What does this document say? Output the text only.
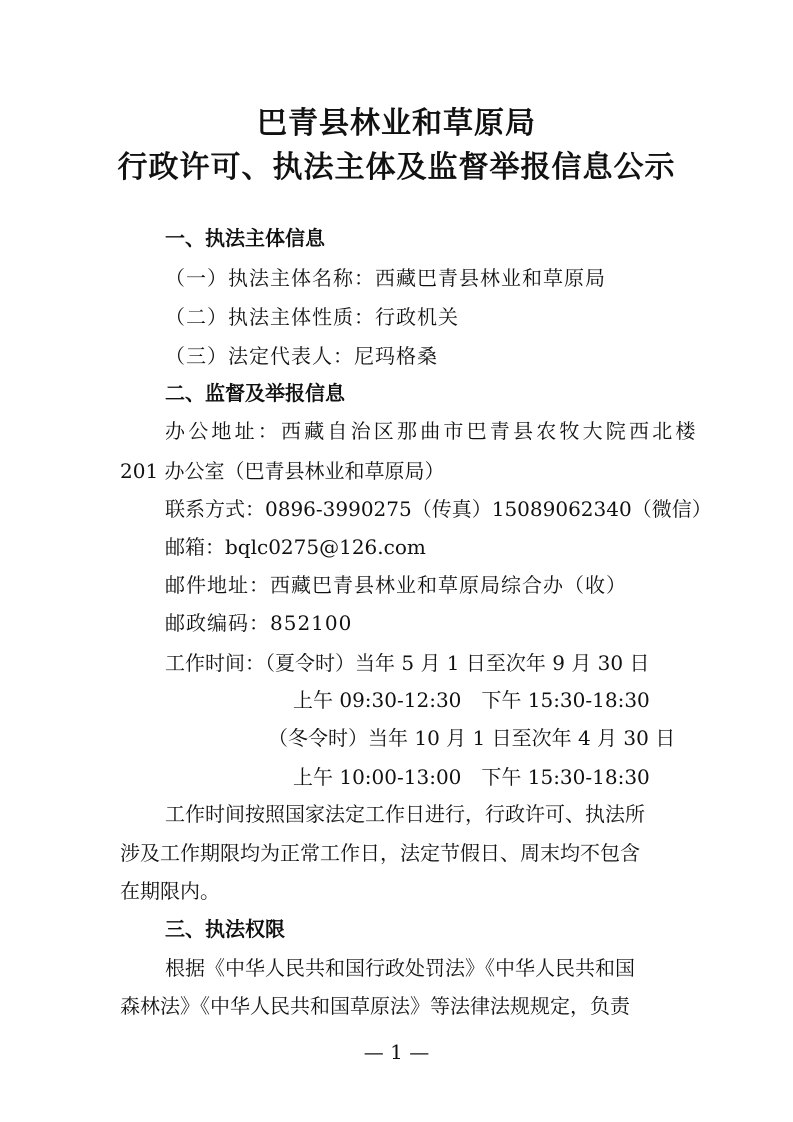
巴青县林业和草原局
行政许可、执法主体及监督举报信息公示
一、执法主体信息
（一）执法主体名称：西藏巴青县林业和草原局
（二）执法主体性质：行政机关
（三）法定代表人：尼玛格桑
二、监督及举报信息
办公地址：西藏自治区那曲市巴青县农牧大院西北楼
201 办公室（巴青县林业和草原局）
联系方式：0896-3990275（传真）15089062340（微信）
邮箱：bqlc0275@126.com
邮件地址：西藏巴青县林业和草原局综合办（收）
邮政编码：852100
工作时间：（夏令时）当年 5 月 1 日至次年 9 月 30 日
上午 09:30-12:30　下午 15:30-18:30
（冬令时）当年 10 月 1 日至次年 4 月 30 日
上午 10:00-13:00　下午 15:30-18:30
工作时间按照国家法定工作日进行，行政许可、执法所
涉及工作期限均为正常工作日，法定节假日、周末均不包含
在期限内。
三、执法权限
根据《中华人民共和国行政处罚法》《中华人民共和国
森林法》《中华人民共和国草原法》等法律法规规定，负责
— 1 —
